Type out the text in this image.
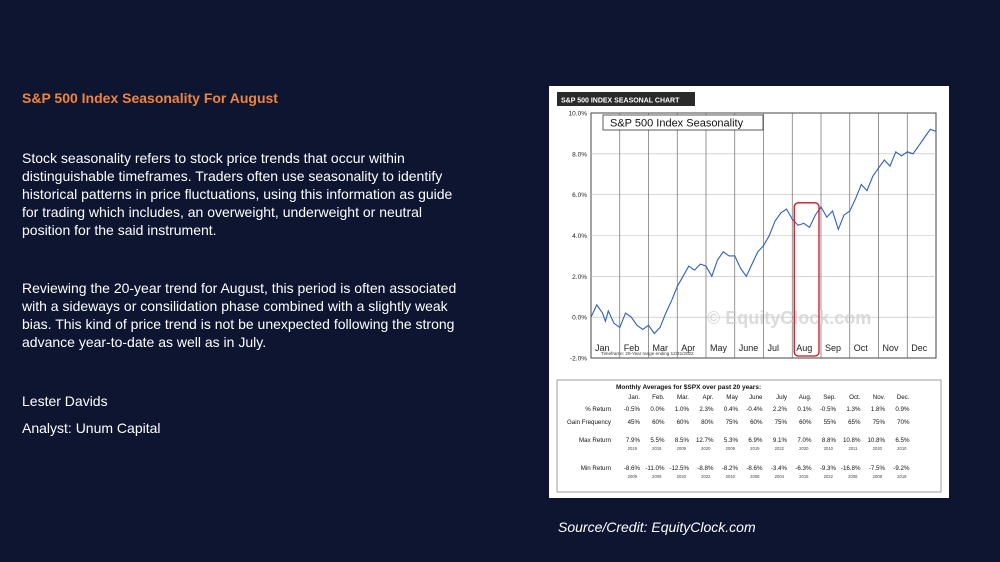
S&P 500 Index Seasonality For August

Stock seasonality refers to stock price trends that occur within distinguishable timeframes. Traders often use seasonality to identify historical patterns in price fluctuations, using this information as guide for trading which includes, an overweight, underweight or neutral position for the said instrument.

Reviewing the 20-year trend for August, this period is often associated with a sideways or consilidation phase combined with a slightly weak bias. This kind of price trend is not be unexpected following the strong advance year-to-date as well as in July.

Lester Davids

Analyst: Unum Capital

S&P 500 INDEX SEASONAL CHART
-2.0%
0.0%
2.0%
4.0%
6.0%
8.0%
10.0%
Jan Feb Mar Apr May June Jul Aug Sep Oct Nov Dec
S&P 500 Index Seasonality
© EquityClock.com
Timeframe: 20-Year range ending 12/31/2022
Monthly Averages for $SPX over past 20 years:
Jan. Feb. Mar. Apr. May June July Aug. Sep. Oct. Nov. Dec.
% Return -0.5% 0.0% 1.0% 2.3% 0.4% -0.4% 2.2% 0.1% -0.5% 1.3% 1.8% 0.9%
Gain Frequency	45% 60% 60% 80% 75% 60% 75% 60% 55% 65% 75% 70%
Max Return 7.9% 5.5% 8.5% 12.7% 5.3% 6.9% 9.1% 7.0% 8.8% 10.8% 10.8% 6.5%
2019	2015	2009	2020	2009	2019	2022	2020	2010	2011	2020	2010
Min Return -8.6% -11.0% -12.5% -8.8% -8.2% -8.6% -3.4% -6.3% -9.3% -16.8% -7.5% -9.2%
2009	2009	2020	2022	2010	2008	2004	2015	2022	2008	2008	2018
Source/Credit: EquityClock.com
